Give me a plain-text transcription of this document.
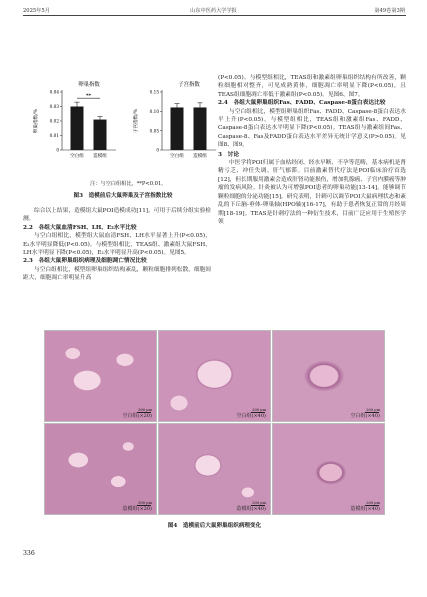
2025年5月	山东中医药大学学报	第49卷第3期
卵巢指数
卵巢指数/%
0.04
0.03
0.02
0.01
0
空白组 造模组
**
子宫指数
子宫指数/%
0.15
0.10
0.05
0
空白组 造模组
注：与空白组相比，**P<0.01。
图3　造模前后大鼠卵巢及子宫指数比较

综合以上结果，造模组大鼠POI造模成功[11]，可用于后续分组实验检测。

2.2　各组大鼠血清FSH、LH、E₂水平比较

与空白组相比，模型组大鼠血清FSH、LH水平显著上升(P<0.05)，E₂水平明显降低(P<0.05)。与模型组相比，TEAS组、激素组大鼠FSH、LH水平明显下降(P<0.05)，E₂水平明显升高(P<0.05)。见图5。

2.3　各组大鼠卵巢组织病理及细胞凋亡情况比较

与空白组相比，模型组卵巢组织结构紊乱，颗粒细胞排列松散，细胞间距大，细胞凋亡率明显升高

(P<0.05)。与模型组相比，TEAS组和激素组卵巢组织结构有所改善，颗粒细胞相对整齐，可见成熟黄体，细胞凋亡率明显下降(P<0.05)，且TEAS组细胞凋亡率低于激素组(P<0.05)。见图6、图7。

2.4　各组大鼠卵巢组织Fas、FADD、Caspase-8蛋白表达比较

与空白组相比，模型组卵巢组织Fas、FADD、Caspase-8蛋白表达水平上升(P<0.05)。与模型组相比，TEAS组和激素组Fas、FADD、Caspase-8蛋白表达水平明显下降(P<0.05)。TEAS组与激素组间Fas、Caspase-8、Fas及FADD蛋白表达水平差异无统计学意义(P>0.05)。见图8、图9。

3　讨论

中医学将POI归属于血枯经闭、经水早断、不孕等范畴，基本病机是肾精亏乏、冲任失调、肝气郁滞。目前激素替代疗法是POI临床治疗首选[12]，但长期服用激素会造成肝肾功能损伤，增加乳腺癌、子宫内膜癌等肿瘤的发病风险。针灸被认为可增强POI患者的卵巢功能[13-14]，能够调节颗粒细胞的分泌功能[15]。研究表明，针刺可以调节POI大鼠病理状态和紊乱的下丘脑-垂体-卵巢轴(HPO轴)[16-17]，有助于患者恢复正常的月经周期[18-19]。TEAS是针刺疗法的一种衍生技术，目前广泛应用于生殖医学领

500 μm
空白组(×20)
200 μm
空白组(×40)
200 μm
空白组(×40)
500 μm
造模组(×20)
200 μm
造模组(×40)
200 μm
造模组(×40)
图4　造模前后大鼠卵巢组织病理变化
336
